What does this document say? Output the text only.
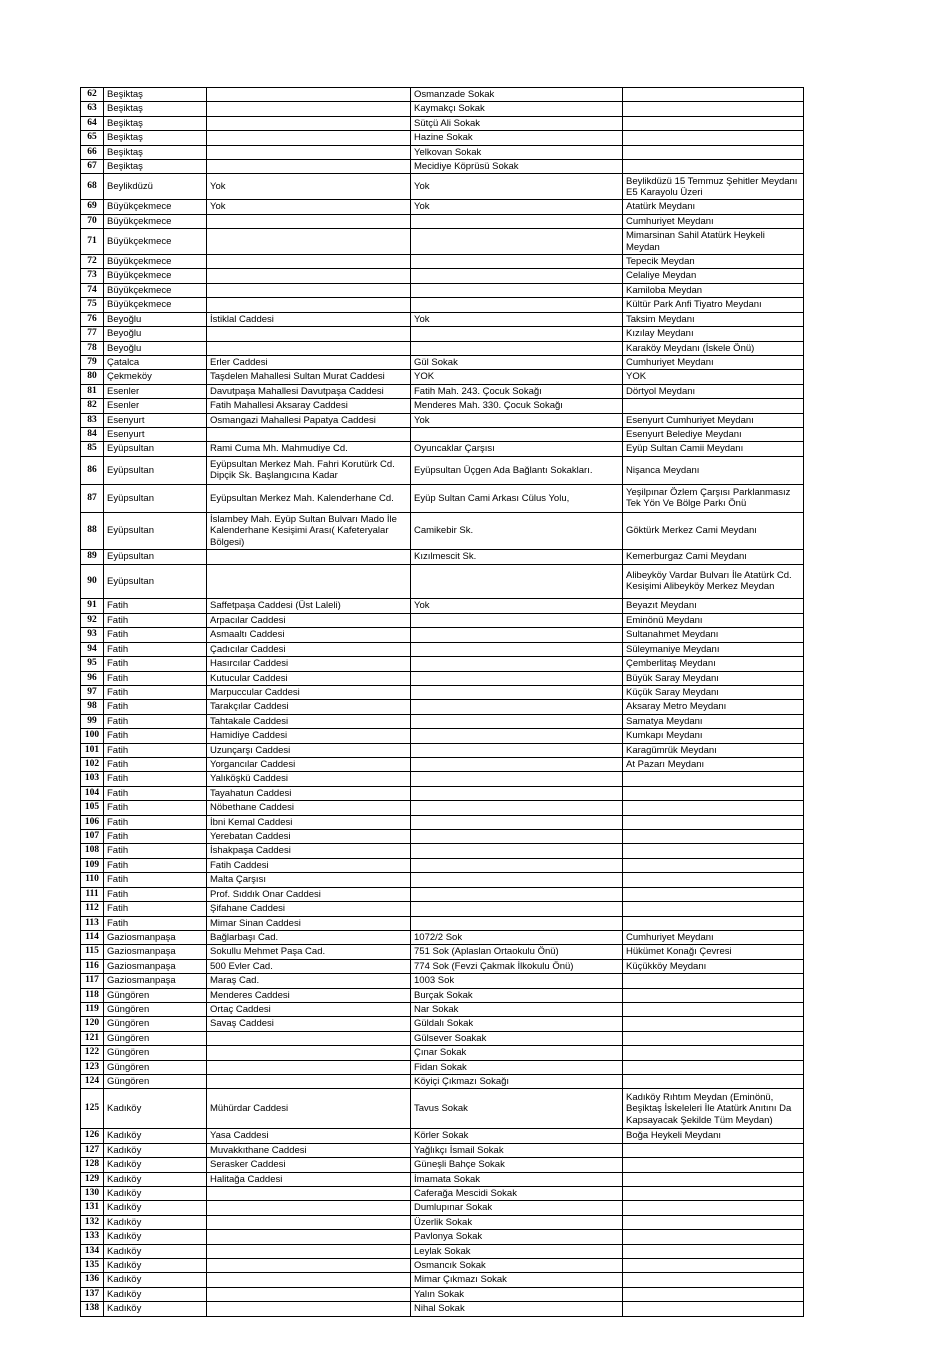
62	Beşiktaş		Osmanzade Sokak	
63	Beşiktaş		Kaymakçı Sokak	
64	Beşiktaş		Sütçü Ali Sokak	
65	Beşiktaş		Hazine Sokak	
66	Beşiktaş		Yelkovan Sokak	
67	Beşiktaş		Mecidiye Köprüsü Sokak	
68	Beylikdüzü	Yok	Yok	Beylikdüzü 15 Temmuz Şehitler Meydanı E5 Karayolu Üzeri
69	Büyükçekmece	Yok	Yok	Atatürk Meydanı
70	Büyükçekmece			Cumhuriyet Meydanı
71	Büyükçekmece			Mimarsinan Sahil Atatürk Heykeli Meydan
72	Büyükçekmece			Tepecik Meydan
73	Büyükçekmece			Celaliye Meydan
74	Büyükçekmece			Kamiloba Meydan
75	Büyükçekmece			Kültür Park Anfi Tiyatro Meydanı
76	Beyoğlu	İstiklal Caddesi	Yok	Taksim Meydanı
77	Beyoğlu			Kızılay Meydanı
78	Beyoğlu			Karaköy Meydanı (İskele Önü)
79	Çatalca	Erler Caddesi	Gül Sokak	Cumhuriyet Meydanı
80	Çekmeköy	Taşdelen Mahallesi Sultan Murat Caddesi	YOK	YOK
81	Esenler	Davutpaşa Mahallesi Davutpaşa Caddesi	Fatih Mah. 243. Çocuk Sokağı	Dörtyol Meydanı
82	Esenler	Fatih Mahallesi Aksaray Caddesi	Menderes Mah. 330. Çocuk Sokağı	
83	Esenyurt	Osmangazi Mahallesi Papatya Caddesi	Yok	Esenyurt Cumhuriyet Meydanı
84	Esenyurt			Esenyurt Belediye Meydanı
85	Eyüpsultan	Rami Cuma Mh. Mahmudiye Cd.	Oyuncaklar Çarşısı	Eyüp Sultan Camii Meydanı
86	Eyüpsultan	Eyüpsultan Merkez Mah. Fahri Korutürk Cd. Dipçik Sk. Başlangıcına Kadar	Eyüpsultan Üçgen Ada Bağlantı Sokakları.	Nişanca Meydanı
87	Eyüpsultan	Eyüpsultan Merkez Mah. Kalenderhane Cd.	Eyüp Sultan Cami Arkası Cülus Yolu,	Yeşilpınar Özlem Çarşısı Parklanmasız Tek Yön Ve Bölge Parkı Önü
88	Eyüpsultan	İslambey Mah. Eyüp Sultan Bulvarı Mado İle Kalenderhane Kesişimi Arası( Kafeteryalar Bölgesi)	Camikebir Sk.	Göktürk Merkez Cami Meydanı
89	Eyüpsultan		Kızılmescit Sk.	Kemerburgaz Cami Meydanı
90	Eyüpsultan			Alibeyköy Vardar Bulvarı İle Atatürk Cd. Kesişimi Alibeyköy Merkez Meydan
91	Fatih	Saffetpaşa Caddesi (Üst Laleli)	Yok	Beyazıt Meydanı
92	Fatih	Arpacılar Caddesi		Eminönü Meydanı
93	Fatih	Asmaaltı Caddesi		Sultanahmet Meydanı
94	Fatih	Çadıcılar Caddesi		Süleymaniye Meydanı
95	Fatih	Hasırcılar Caddesi		Çemberlitaş Meydanı
96	Fatih	Kutucular Caddesi		Büyük Saray Meydanı
97	Fatih	Marpuccular Caddesi		Küçük Saray Meydanı
98	Fatih	Tarakçılar Caddesi		Aksaray Metro Meydanı
99	Fatih	Tahtakale Caddesi		Samatya Meydanı
100	Fatih	Hamidiye Caddesi		Kumkapı Meydanı
101	Fatih	Uzunçarşı Caddesi		Karagümrük Meydanı
102	Fatih	Yorgancılar Caddesi		At Pazarı Meydanı
103	Fatih	Yalıköşkü Caddesi		
104	Fatih	Tayahatun Caddesi		
105	Fatih	Nöbethane Caddesi		
106	Fatih	İbni Kemal Caddesi		
107	Fatih	Yerebatan Caddesi		
108	Fatih	İshakpaşa Caddesi		
109	Fatih	Fatih Caddesi		
110	Fatih	Malta Çarşısı		
111	Fatih	Prof. Sıddık Onar Caddesi		
112	Fatih	Şifahane Caddesi		
113	Fatih	Mimar Sinan Caddesi		
114	Gaziosmanpaşa	Bağlarbaşı Cad.	1072/2 Sok	Cumhuriyet Meydanı
115	Gaziosmanpaşa	Sokullu Mehmet Paşa Cad.	751 Sok (Aplaslan Ortaokulu Önü)	Hükümet Konağı Çevresi
116	Gaziosmanpaşa	500 Evler Cad.	774 Sok (Fevzi Çakmak İlkokulu Önü)	Küçükköy Meydanı
117	Gaziosmanpaşa	Maraş Cad.	1003 Sok	
118	Güngören	Menderes Caddesi	Burçak Sokak	
119	Güngören	Ortaç Caddesi	Nar Sokak	
120	Güngören	Savaş Caddesi	Güldalı Sokak	
121	Güngören		Gülsever Soakak	
122	Güngören		Çınar Sokak	
123	Güngören		Fidan Sokak	
124	Güngören		Köyiçi Çıkmazı Sokağı	
125	Kadıköy	Mühürdar Caddesi	Tavus Sokak	Kadıköy Rıhtım Meydan (Eminönü, Beşiktaş İskeleleri İle Atatürk Anıtını Da Kapsayacak Şekilde Tüm Meydan)
126	Kadıköy	Yasa Caddesi	Körler Sokak	Boğa Heykeli Meydanı
127	Kadıköy	Muvakkıthane Caddesi	Yağlıkçı İsmail Sokak	
128	Kadıköy	Serasker Caddesi	Güneşli Bahçe Sokak	
129	Kadıköy	Halitağa Caddesi	İmamata Sokak	
130	Kadıköy		Caferağa Mescidi Sokak	
131	Kadıköy		Dumlupınar Sokak	
132	Kadıköy		Üzerlik Sokak	
133	Kadıköy		Pavlonya Sokak	
134	Kadıköy		Leylak Sokak	
135	Kadıköy		Osmancık Sokak	
136	Kadıköy		Mimar Çıkmazı Sokak	
137	Kadıköy		Yalın Sokak	
138	Kadıköy		Nihal Sokak	
